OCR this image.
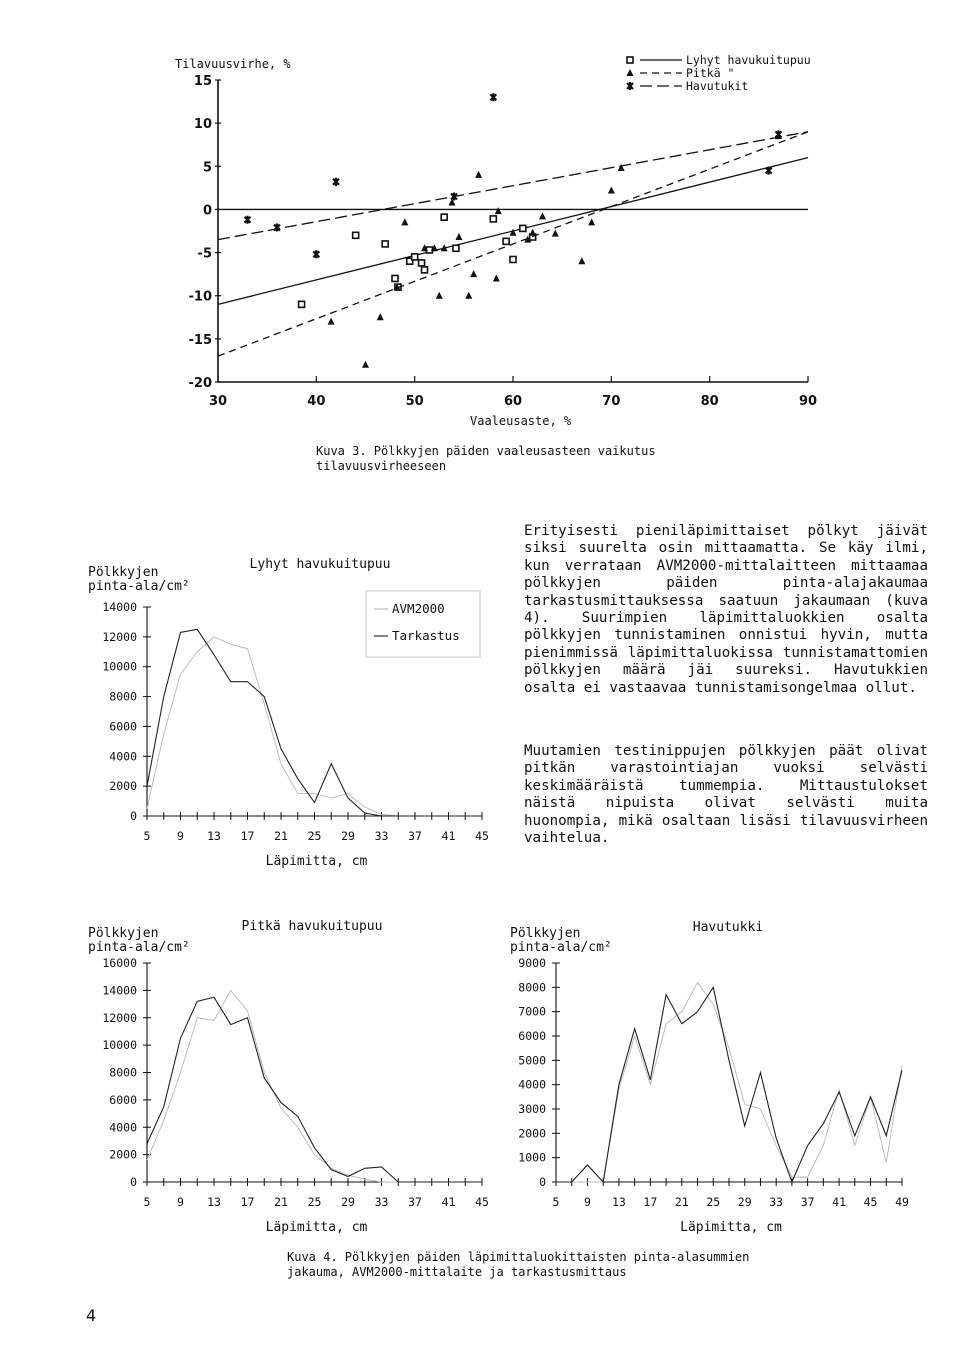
15
10
5
0
-5
-10
-15
-20
30	40	50	60	70	80	90
Tilavuusvirhe, %
Vaaleusaste, %
Lyhyt havukuitupuu
Pitkä "
Havutukit
0
2000
4000
6000
8000
10000
12000
14000
5 9 13 17 21 25 29 33 37 41 45
Läpimitta, cm
Pölkkyjen
pinta-ala/cm²
Lyhyt havukuitupuu
AVM2000
Tarkastus
0
2000
4000
6000
8000
10000
12000
14000
16000
5 9 13 17 21 25 29 33 37 41 45
Läpimitta, cm
Pölkkyjen
pinta-ala/cm²
Pitkä havukuitupuu
0
1000
2000
3000
4000
5000
6000
7000
8000
9000
5 9 13 17 21 25 29 33 37 41 45 49
Läpimitta, cm
Pölkkyjen
pinta-ala/cm²
Havutukki
Kuva 3. Pölkkyjen päiden vaaleusasteen vaikutus tilavuusvirheeseen
Erityisesti pieniläpimittaiset pölkyt jäivät siksi suurelta osin mittaamatta. Se käy ilmi, kun verrataan AVM2000-mittalaitteen mittaamaa pölkkyjen päiden pinta-alajakaumaa tarkastusmittauksessa saatuun jakaumaan (kuva 4). Suurimpien läpimittaluokkien osalta pölkkyjen tunnistaminen onnistui hyvin, mutta pienimmissä läpimittaluokissa tunnistamattomien pölkkyjen määrä jäi suureksi. Havutukkien osalta ei vastaavaa tunnistamisongelmaa ollut.
Muutamien testinippujen pölkkyjen päät olivat pitkän varastointiajan vuoksi selvästi keskimääräistä tummempia. Mittaustulokset näistä nipuista olivat selvästi muita huonompia, mikä osaltaan lisäsi tilavuusvirheen vaihtelua.
Kuva 4. Pölkkyjen päiden läpimittaluokittaisten pinta-alasummien jakauma, AVM2000-mittalaite ja tarkastusmittaus
4
